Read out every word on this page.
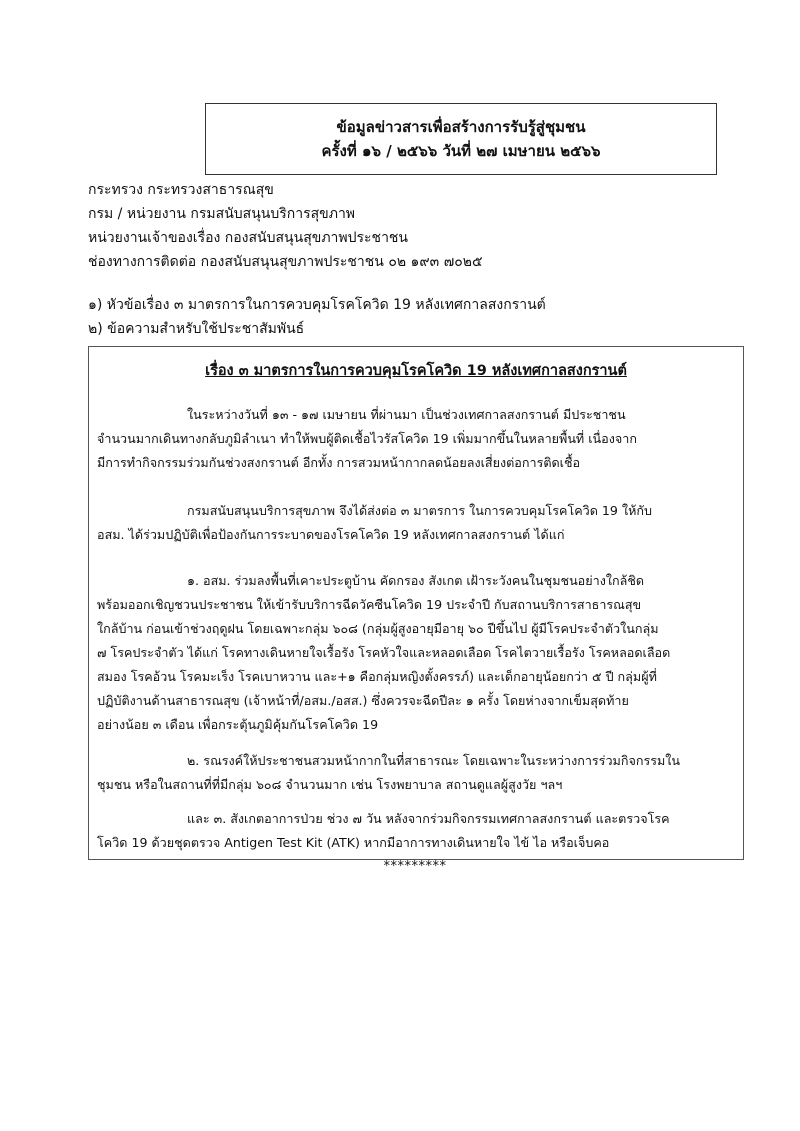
ข้อมูลข่าวสารเพื่อสร้างการรับรู้สู่ชุมชน
ครั้งที่ ๑๖ / ๒๕๖๖ วันที่ ๒๗ เมษายน ๒๕๖๖
กระทรวง กระทรวงสาธารณสุข
กรม / หน่วยงาน กรมสนับสนุนบริการสุขภาพ
หน่วยงานเจ้าของเรื่อง กองสนับสนุนสุขภาพประชาชน
ช่องทางการติดต่อ กองสนับสนุนสุขภาพประชาชน ๐๒ ๑๙๓ ๗๐๒๕
๑) หัวข้อเรื่อง ๓ มาตรการในการควบคุมโรคโควิด 19 หลังเทศกาลสงกรานต์
๒) ข้อความสำหรับใช้ประชาสัมพันธ์
เรื่อง ๓ มาตรการในการควบคุมโรคโควิด 19 หลังเทศกาลสงกรานต์
ในระหว่างวันที่ ๑๓ - ๑๗ เมษายน ที่ผ่านมา เป็นช่วงเทศกาลสงกรานต์ มีประชาชน
จำนวนมากเดินทางกลับภูมิลำเนา ทำให้พบผู้ติดเชื้อไวรัสโควิด 19 เพิ่มมากขึ้นในหลายพื้นที่ เนื่องจาก
มีการทำกิจกรรมร่วมกันช่วงสงกรานต์ อีกทั้ง การสวมหน้ากากลดน้อยลงเสี่ยงต่อการติดเชื้อ
กรมสนับสนุนบริการสุขภาพ จึงได้ส่งต่อ ๓ มาตรการ ในการควบคุมโรคโควิด 19 ให้กับ
อสม. ได้ร่วมปฏิบัติเพื่อป้องกันการระบาดของโรคโควิด 19 หลังเทศกาลสงกรานต์ ได้แก่
๑. อสม. ร่วมลงพื้นที่เคาะประตูบ้าน คัดกรอง สังเกต เฝ้าระวังคนในชุมชนอย่างใกล้ชิด
พร้อมออกเชิญชวนประชาชน ให้เข้ารับบริการฉีดวัคซีนโควิด 19 ประจำปี กับสถานบริการสาธารณสุข
ใกล้บ้าน ก่อนเข้าช่วงฤดูฝน โดยเฉพาะกลุ่ม ๖๐๘ (กลุ่มผู้สูงอายุมีอายุ ๖๐ ปีขึ้นไป ผู้มีโรคประจำตัวในกลุ่ม
๗ โรคประจำตัว ได้แก่ โรคทางเดินหายใจเรื้อรัง โรคหัวใจและหลอดเลือด โรคไตวายเรื้อรัง โรคหลอดเลือด
สมอง โรคอ้วน โรคมะเร็ง โรคเบาหวาน และ+๑ คือกลุ่มหญิงตั้งครรภ์) และเด็กอายุน้อยกว่า ๕ ปี กลุ่มผู้ที่
ปฏิบัติงานด้านสาธารณสุข (เจ้าหน้าที่/อสม./อสส.) ซึ่งควรจะฉีดปีละ ๑ ครั้ง โดยห่างจากเข็มสุดท้าย
อย่างน้อย ๓ เดือน เพื่อกระตุ้นภูมิคุ้มกันโรคโควิด 19
๒. รณรงค์ให้ประชาชนสวมหน้ากากในที่สาธารณะ โดยเฉพาะในระหว่างการร่วมกิจกรรมใน
ชุมชน หรือในสถานที่ที่มีกลุ่ม ๖๐๘ จำนวนมาก เช่น โรงพยาบาล สถานดูแลผู้สูงวัย ฯลฯ
และ ๓. สังเกตอาการป่วย ช่วง ๗ วัน หลังจากร่วมกิจกรรมเทศกาลสงกรานต์ และตรวจโรค
โควิด 19 ด้วยชุดตรวจ Antigen Test Kit (ATK) หากมีอาการทางเดินหายใจ ไข้ ไอ หรือเจ็บคอ
*********
